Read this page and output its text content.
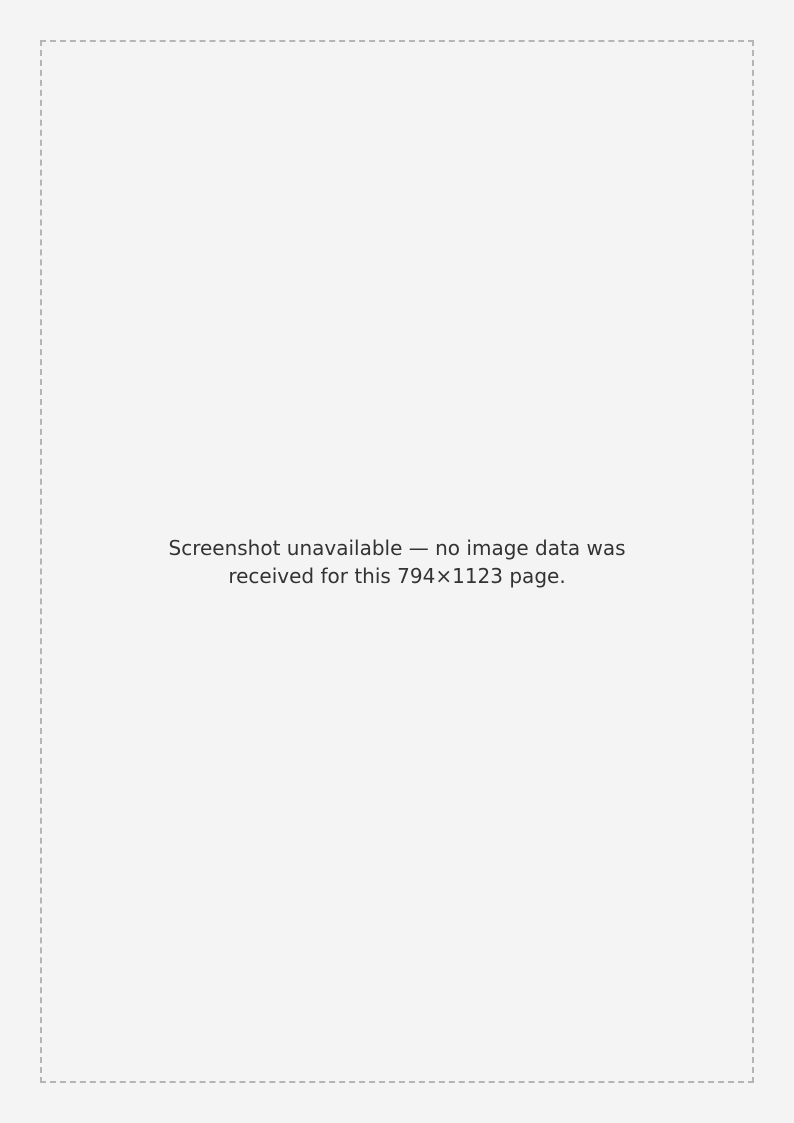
Screenshot unavailable — no image data was received for this 794×1123 page.
